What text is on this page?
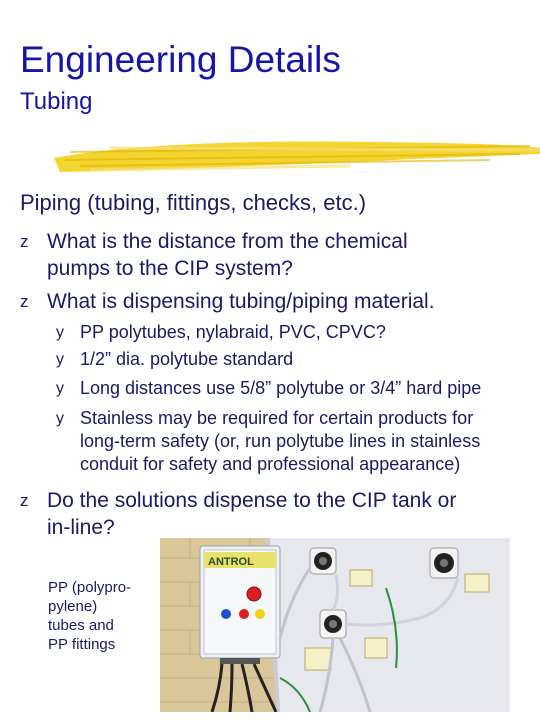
Engineering Details
Tubing
Piping (tubing, fittings, checks, etc.)
z What is the distance from the chemical
pumps to the CIP system?
z What is dispensing tubing/piping material.
y PP polytubes, nylabraid, PVC, CPVC?
y 1/2” dia. polytube standard
y Long distances use 5/8” polytube or 3/4” hard pipe
y Stainless may be required for certain products for
long-term safety (or, run polytube lines in stainless
conduit for safety and professional appearance)
z Do the solutions dispense to the CIP tank or
in-line?
ANTROL
PP (polypro-
pylene)
tubes and
PP fittings
